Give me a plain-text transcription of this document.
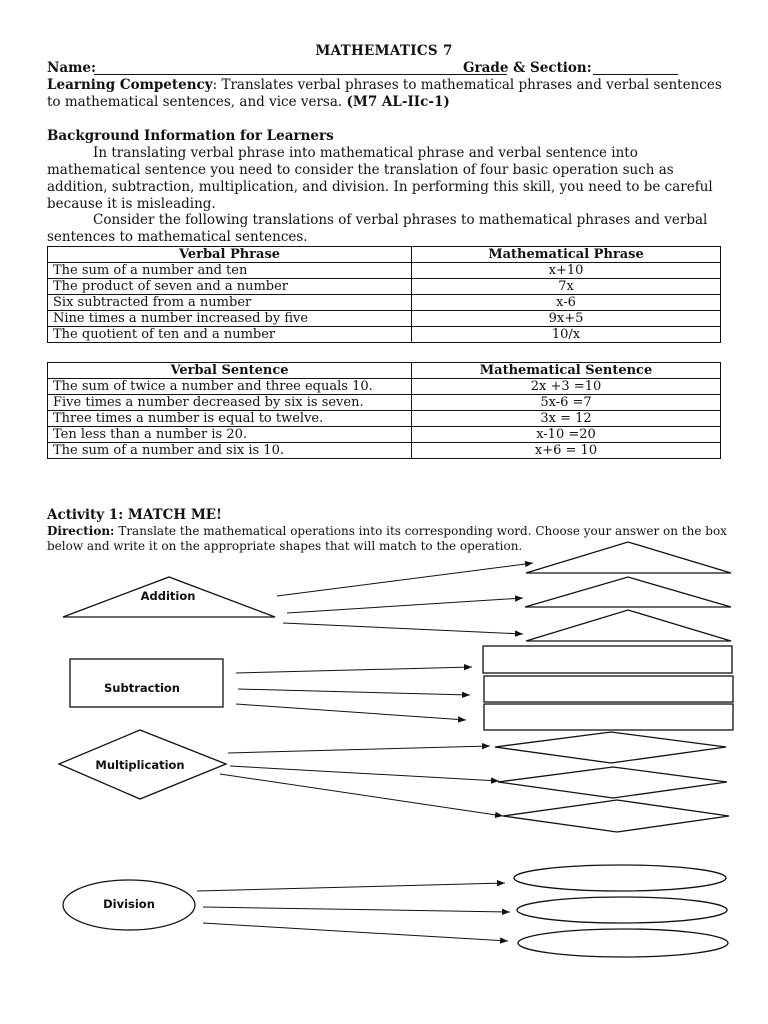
MATHEMATICS 7
Name:	Grade & Section:
Learning Competency: Translates verbal phrases to mathematical phrases and verbal sentences to mathematical sentences, and vice versa. (M7 AL-IIc-1)
Background Information for Learners
In translating verbal phrase into mathematical phrase and verbal sentence into mathematical sentence you need to consider the translation of four basic operation such as addition, subtraction, multiplication, and division. In performing this skill, you need to be careful because it is misleading.
Consider the following translations of verbal phrases to mathematical phrases and verbal sentences to mathematical sentences.
Verbal Phrase	Mathematical Phrase
The sum of a number and ten	x+10
The product of seven and a number	7x
Six subtracted from a number	x-6
Nine times a number increased by five	9x+5
The quotient of ten and a number	10/x
Verbal Sentence	Mathematical Sentence
The sum of twice a number and three equals 10.	2x +3 =10
Five times a number decreased by six is seven.	5x-6 =7
Three times a number is equal to twelve.	3x = 12
Ten less than a number is 20.	x-10 =20
The sum of a number and six is 10.	x+6 = 10
Activity 1: MATCH ME!
Direction: Translate the mathematical operations into its corresponding word. Choose your answer on the box below and write it on the appropriate shapes that will match to the operation.
Addition
Subtraction
Multiplication
Division
